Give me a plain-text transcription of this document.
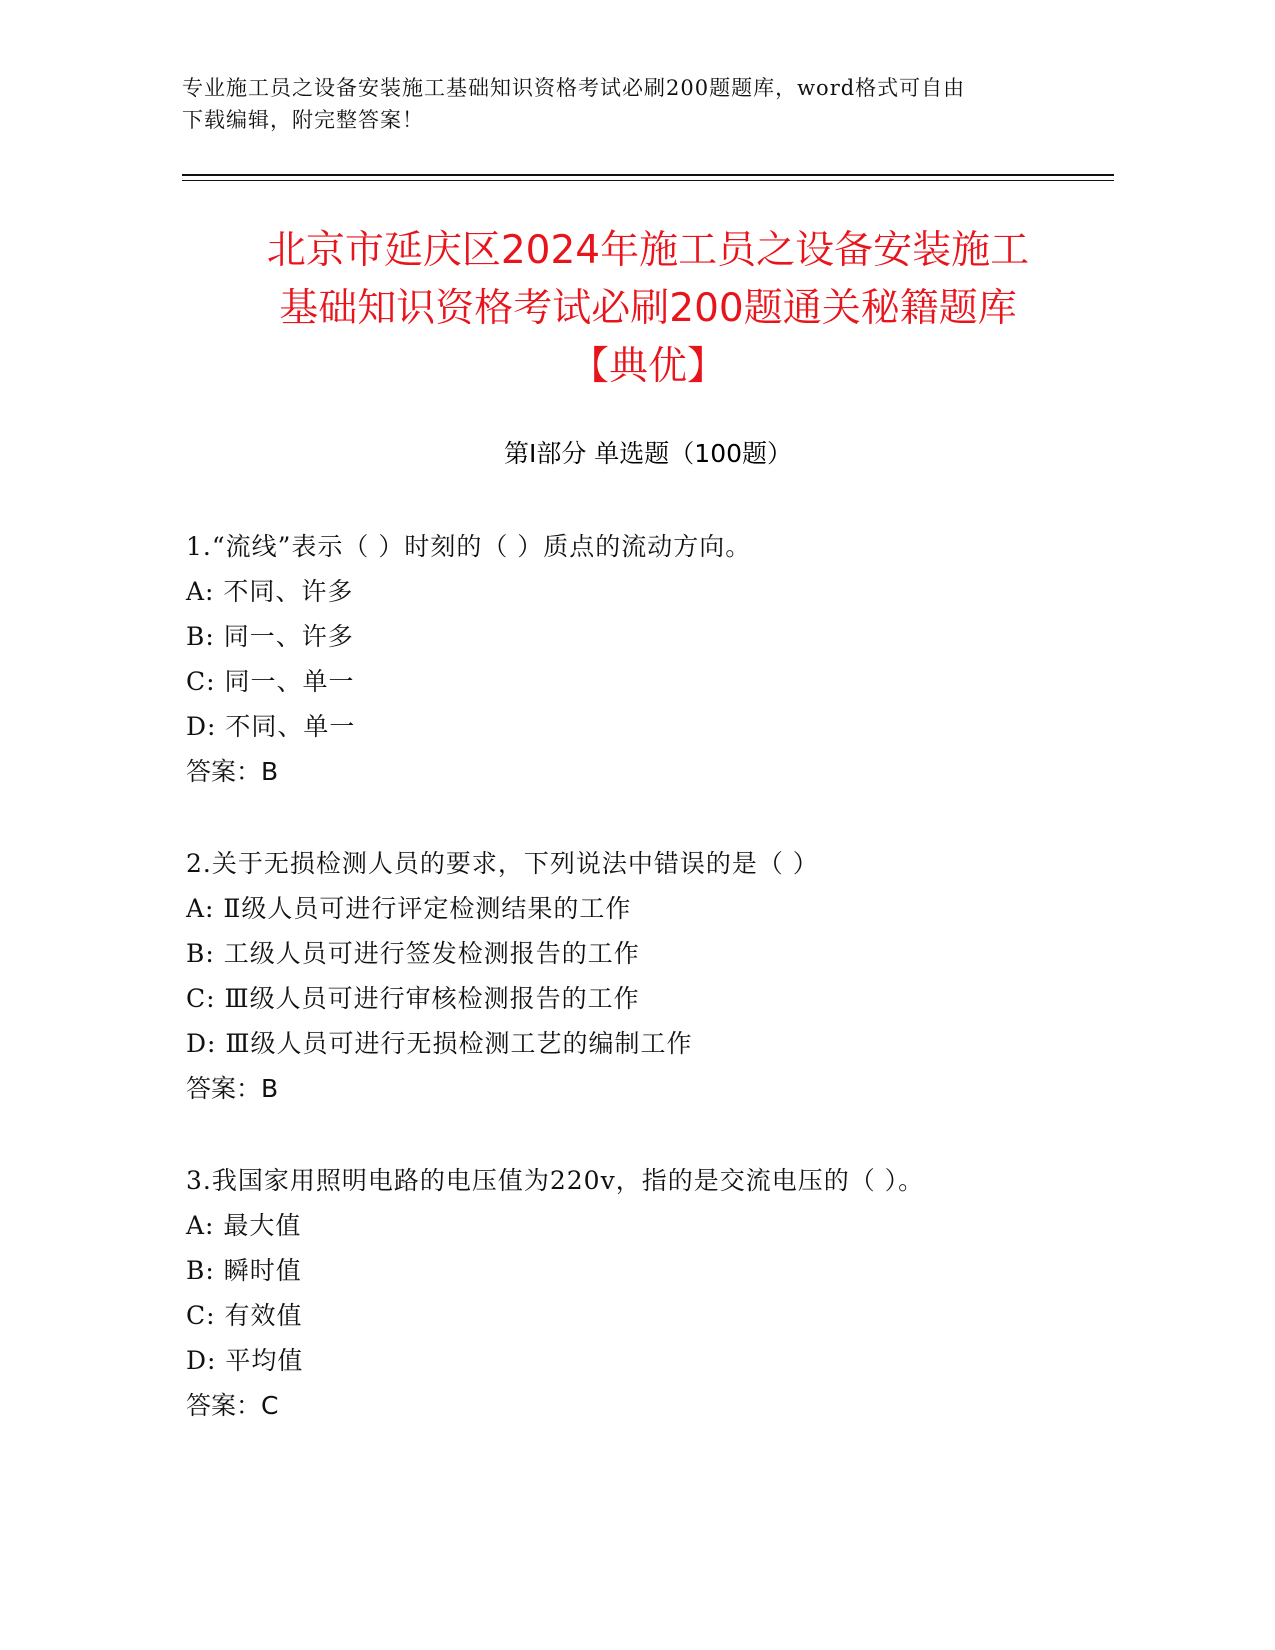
专业施工员之设备安装施工基础知识资格考试必刷200题题库，word格式可自由
下载编辑，附完整答案！
北京市延庆区2024年施工员之设备安装施工
基础知识资格考试必刷200题通关秘籍题库
【典优】
第I部分 单选题（100题）
1.“流线”表示（ ）时刻的（ ）质点的流动方向。
A: 不同、许多
B: 同一、许多
C: 同一、单一
D: 不同、单一
答案：B
2.关于无损检测人员的要求，下列说法中错误的是（ ）
A: Ⅱ级人员可进行评定检测结果的工作
B: 工级人员可进行签发检测报告的工作
C: Ⅲ级人员可进行审核检测报告的工作
D: Ⅲ级人员可进行无损检测工艺的编制工作
答案：B
3.我国家用照明电路的电压值为220v，指的是交流电压的（ ）。
A: 最大值
B: 瞬时值
C: 有效值
D: 平均值
答案：C
